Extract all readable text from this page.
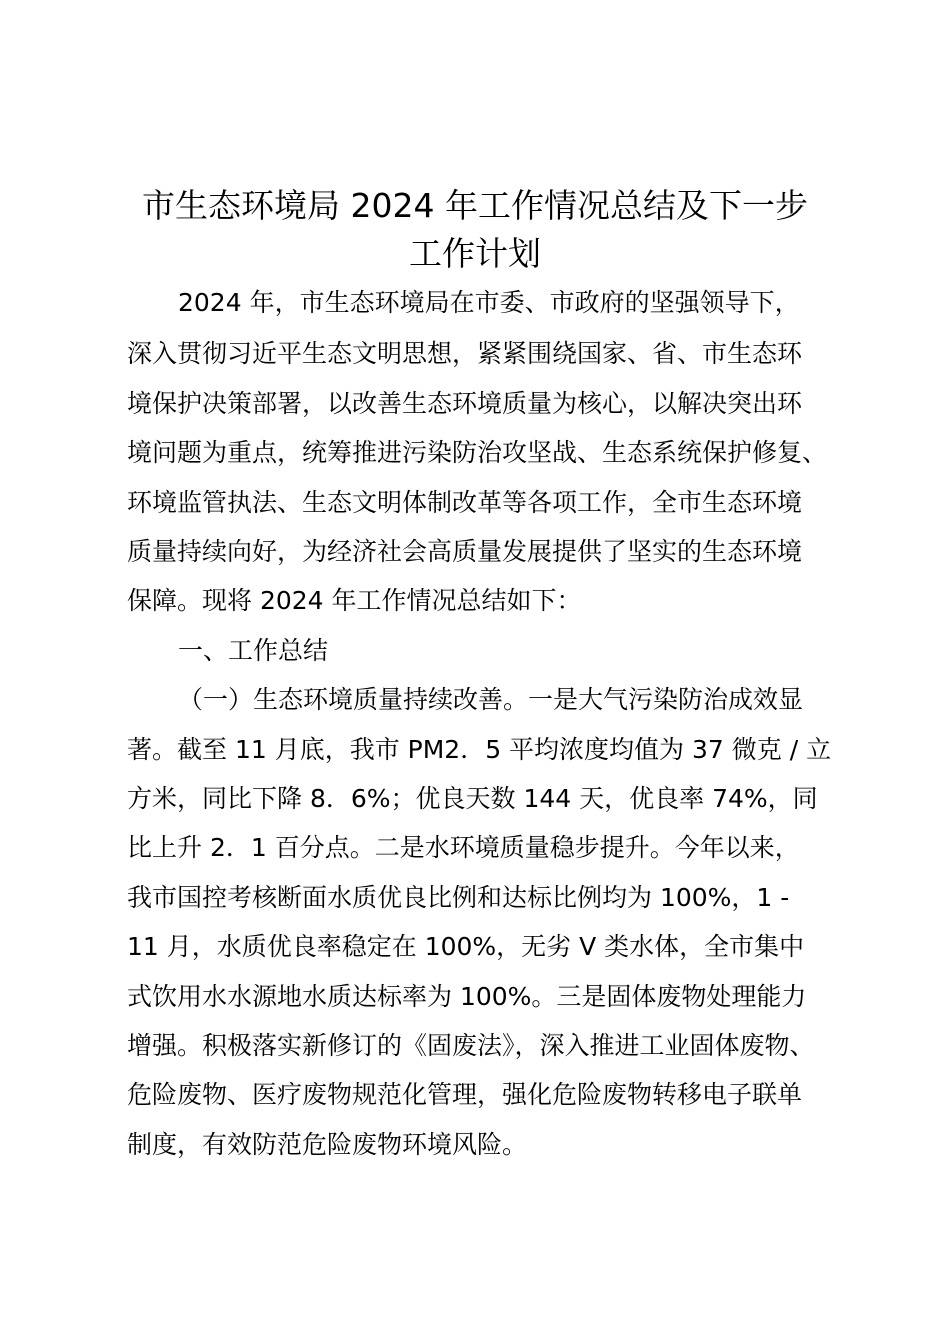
市生态环境局 2024 年工作情况总结及下一步
工作计划
2024 年，市生态环境局在市委、市政府的坚强领导下，
深入贯彻习近平生态文明思想，紧紧围绕国家、省、市生态环
境保护决策部署，以改善生态环境质量为核心，以解决突出环
境问题为重点，统筹推进污染防治攻坚战、生态系统保护修复、
环境监管执法、生态文明体制改革等各项工作，全市生态环境
质量持续向好，为经济社会高质量发展提供了坚实的生态环境
保障。现将 2024 年工作情况总结如下：
一、工作总结
（一）生态环境质量持续改善。一是大气污染防治成效显
著。截至 11 月底，我市 PM2．5 平均浓度均值为 37 微克 / 立
方米，同比下降 8．6%；优良天数 144 天，优良率 74%，同
比上升 2．1 百分点。二是水环境质量稳步提升。今年以来，
我市国控考核断面水质优良比例和达标比例均为 100%，1 -
11 月，水质优良率稳定在 100%，无劣 V 类水体，全市集中
式饮用水水源地水质达标率为 100%。三是固体废物处理能力
增强。积极落实新修订的《固废法》，深入推进工业固体废物、
危险废物、医疗废物规范化管理，强化危险废物转移电子联单
制度，有效防范危险废物环境风险。
